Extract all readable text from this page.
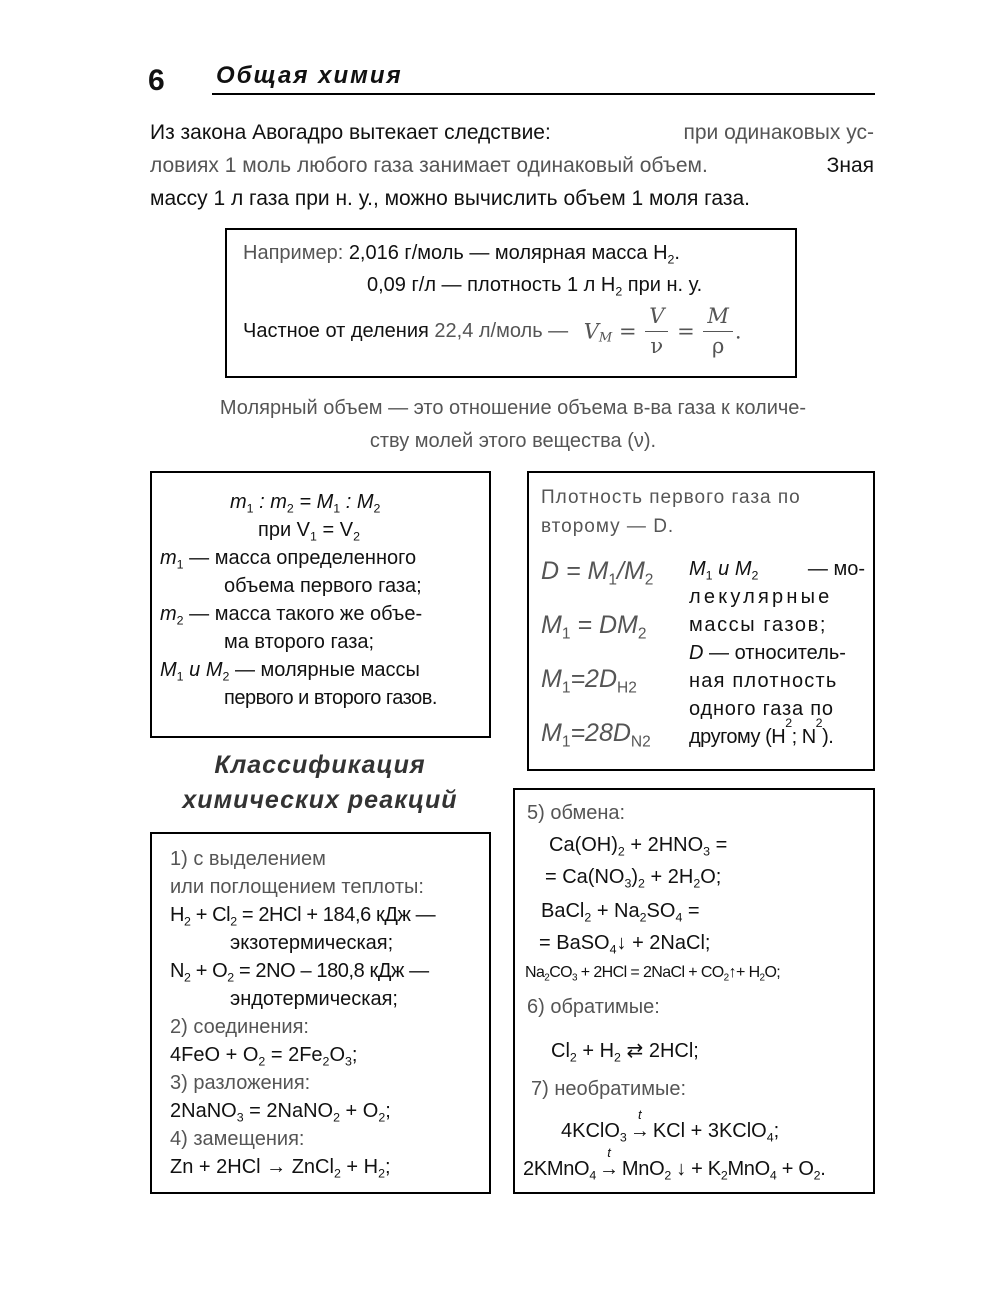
6 Общая химия
Из закона Авогадро вытекает следствие:	при одинаковых ус-
ловиях 1 моль любого газа занимает одинаковый объем.	Зная
массу 1 л газа при н. у., можно вычислить объем 1 моля газа.
Например: 2,016 г/моль — молярная масса $H_2$.
0,09 г/л — плотность 1 л $H_2$ при н. у.
Частное от деления 22,4 л/моль — $V_M = \frac{V}{\nu} = \frac{M}{\rho}$ .
Молярный объем — это отношение объема в-ва газа к количе-
ству молей этого вещества (ν).
$m_1$ : $m_2 = M_1$ : $M_2$
при $V_1 = V_2$
$m_1$ — масса определенного
объема первого газа;
$m_2$ — масса такого же объе-
ма второго газа;
$M_1$ и $M_2$ — молярные массы
первого и второго газов.
Плотность первого газа по
второму — D.
$D = M_1/M_2$
$M_1 = DM_2$
$M_1=2D_{H2}$
$M_1=28D_{N2}$
$M_1$ и $M_2$ — мо-
лекулярные
массы газов;
D — относитель-
ная плотность
одного газа по
другому (H
2
; N
2
).
Классификация
химических реакций
1) с выделением
или поглощением теплоты:
$H_2 + Cl_2 = 2HCl + 184,6$ кДж —
экзотермическая;
$N_2 + O_2 = 2NO - 180,8$ кДж —
эндотермическая;
2) соединения:
$4FeO + O_2 = 2Fe_2O_3$;
3) разложения:
2NaNO$_3$ = 2NaNO$_2$ + $O_2$;
4) замещения:
Zn + 2HCl → ZnCl$_2$ + $H_2$;
5) обмена:
$Ca(OH)_2 + 2HNO_3$ =
= $Ca(NO_3)_2 + 2H_2O$;
BaCl$_2$ + $Na_2SO_4$ =
= BaSO$_4$↓ + 2NaCl;
$Na_2CO_3 + 2HCl$ = 2NaCl + $CO_2↑+ H_2O$;
6) обратимые:
$Cl_2 + H_2$ ⇄ 2HCl;
7) необратимые:
4KClO$_3$
t
→ KCl + 3KClO$_4$;
2KMnO$_4$
t
→ MnO$_2$ ↓ + $K_2MnO_4 + O_2$.
